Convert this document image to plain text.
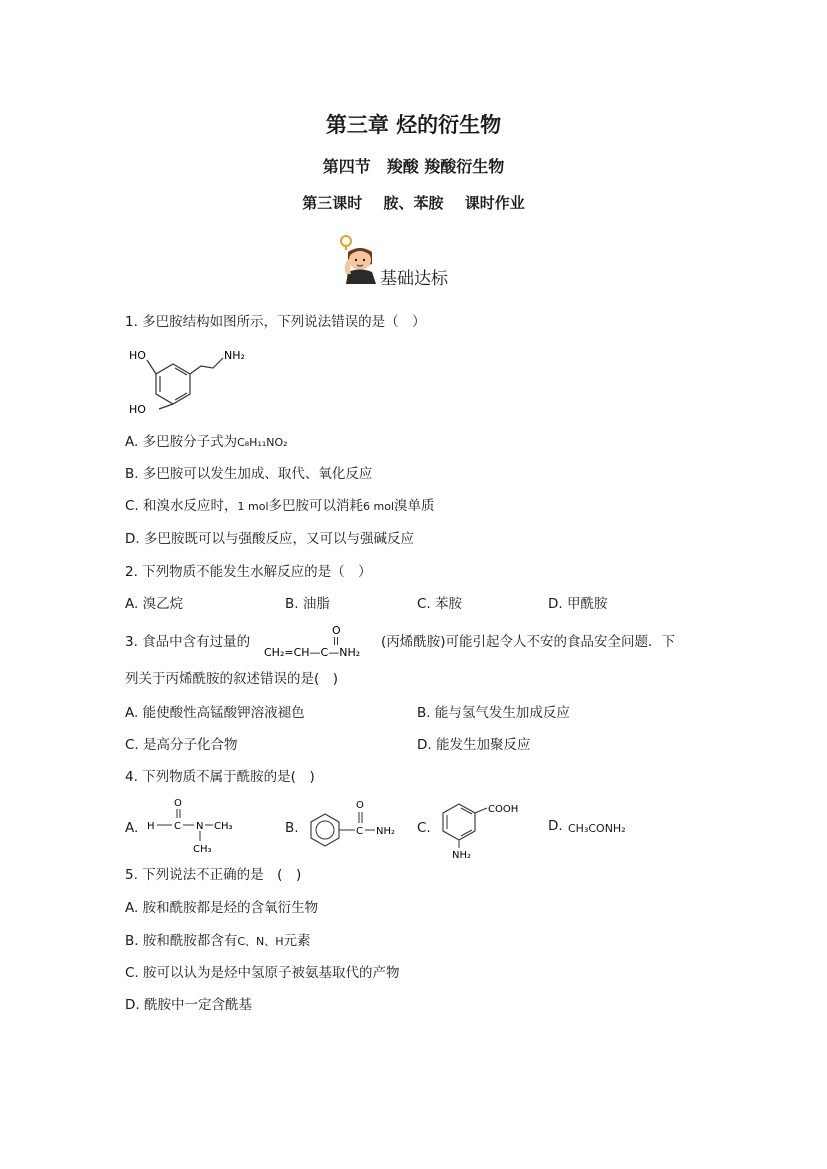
第三章 烃的衍生物
第四节　羧酸 羧酸衍生物
第三课时 胺、苯胺 课时作业
基础达标
1. 多巴胺结构如图所示，下列说法错误的是（　）
HO
HO
NH₂
A. 多巴胺分子式为C₈H₁₁NO₂
B. 多巴胺可以发生加成、取代、氧化反应
C. 和溴水反应时，1 mol多巴胺可以消耗6 mol溴单质
D. 多巴胺既可以与强酸反应，又可以与强碱反应
2. 下列物质不能发生水解反应的是（　）
A. 溴乙烷	B. 油脂	C. 苯胺	D. 甲酰胺
3. 食品中含有过量的
O
CH₂=CH—C—NH₂
(丙烯酰胺)可能引起令人不安的食品安全问题．下
列关于丙烯酰胺的叙述错误的是(　)
A. 能使酸性高锰酸钾溶液褪色	B. 能与氢气发生加成反应
C. 是高分子化合物	D. 能发生加聚反应
4. 下列物质不属于酰胺的是(　)
A.
O
H C N CH₃
CH₃
B.	C
O
NH₂ C.
COOH
NH₂
D. CH₃CONH₂
5. 下列说法不正确的是　(　)
A. 胺和酰胺都是烃的含氧衍生物
B. 胺和酰胺都含有C、N、H元素
C. 胺可以认为是烃中氢原子被氨基取代的产物
D. 酰胺中一定含酰基
